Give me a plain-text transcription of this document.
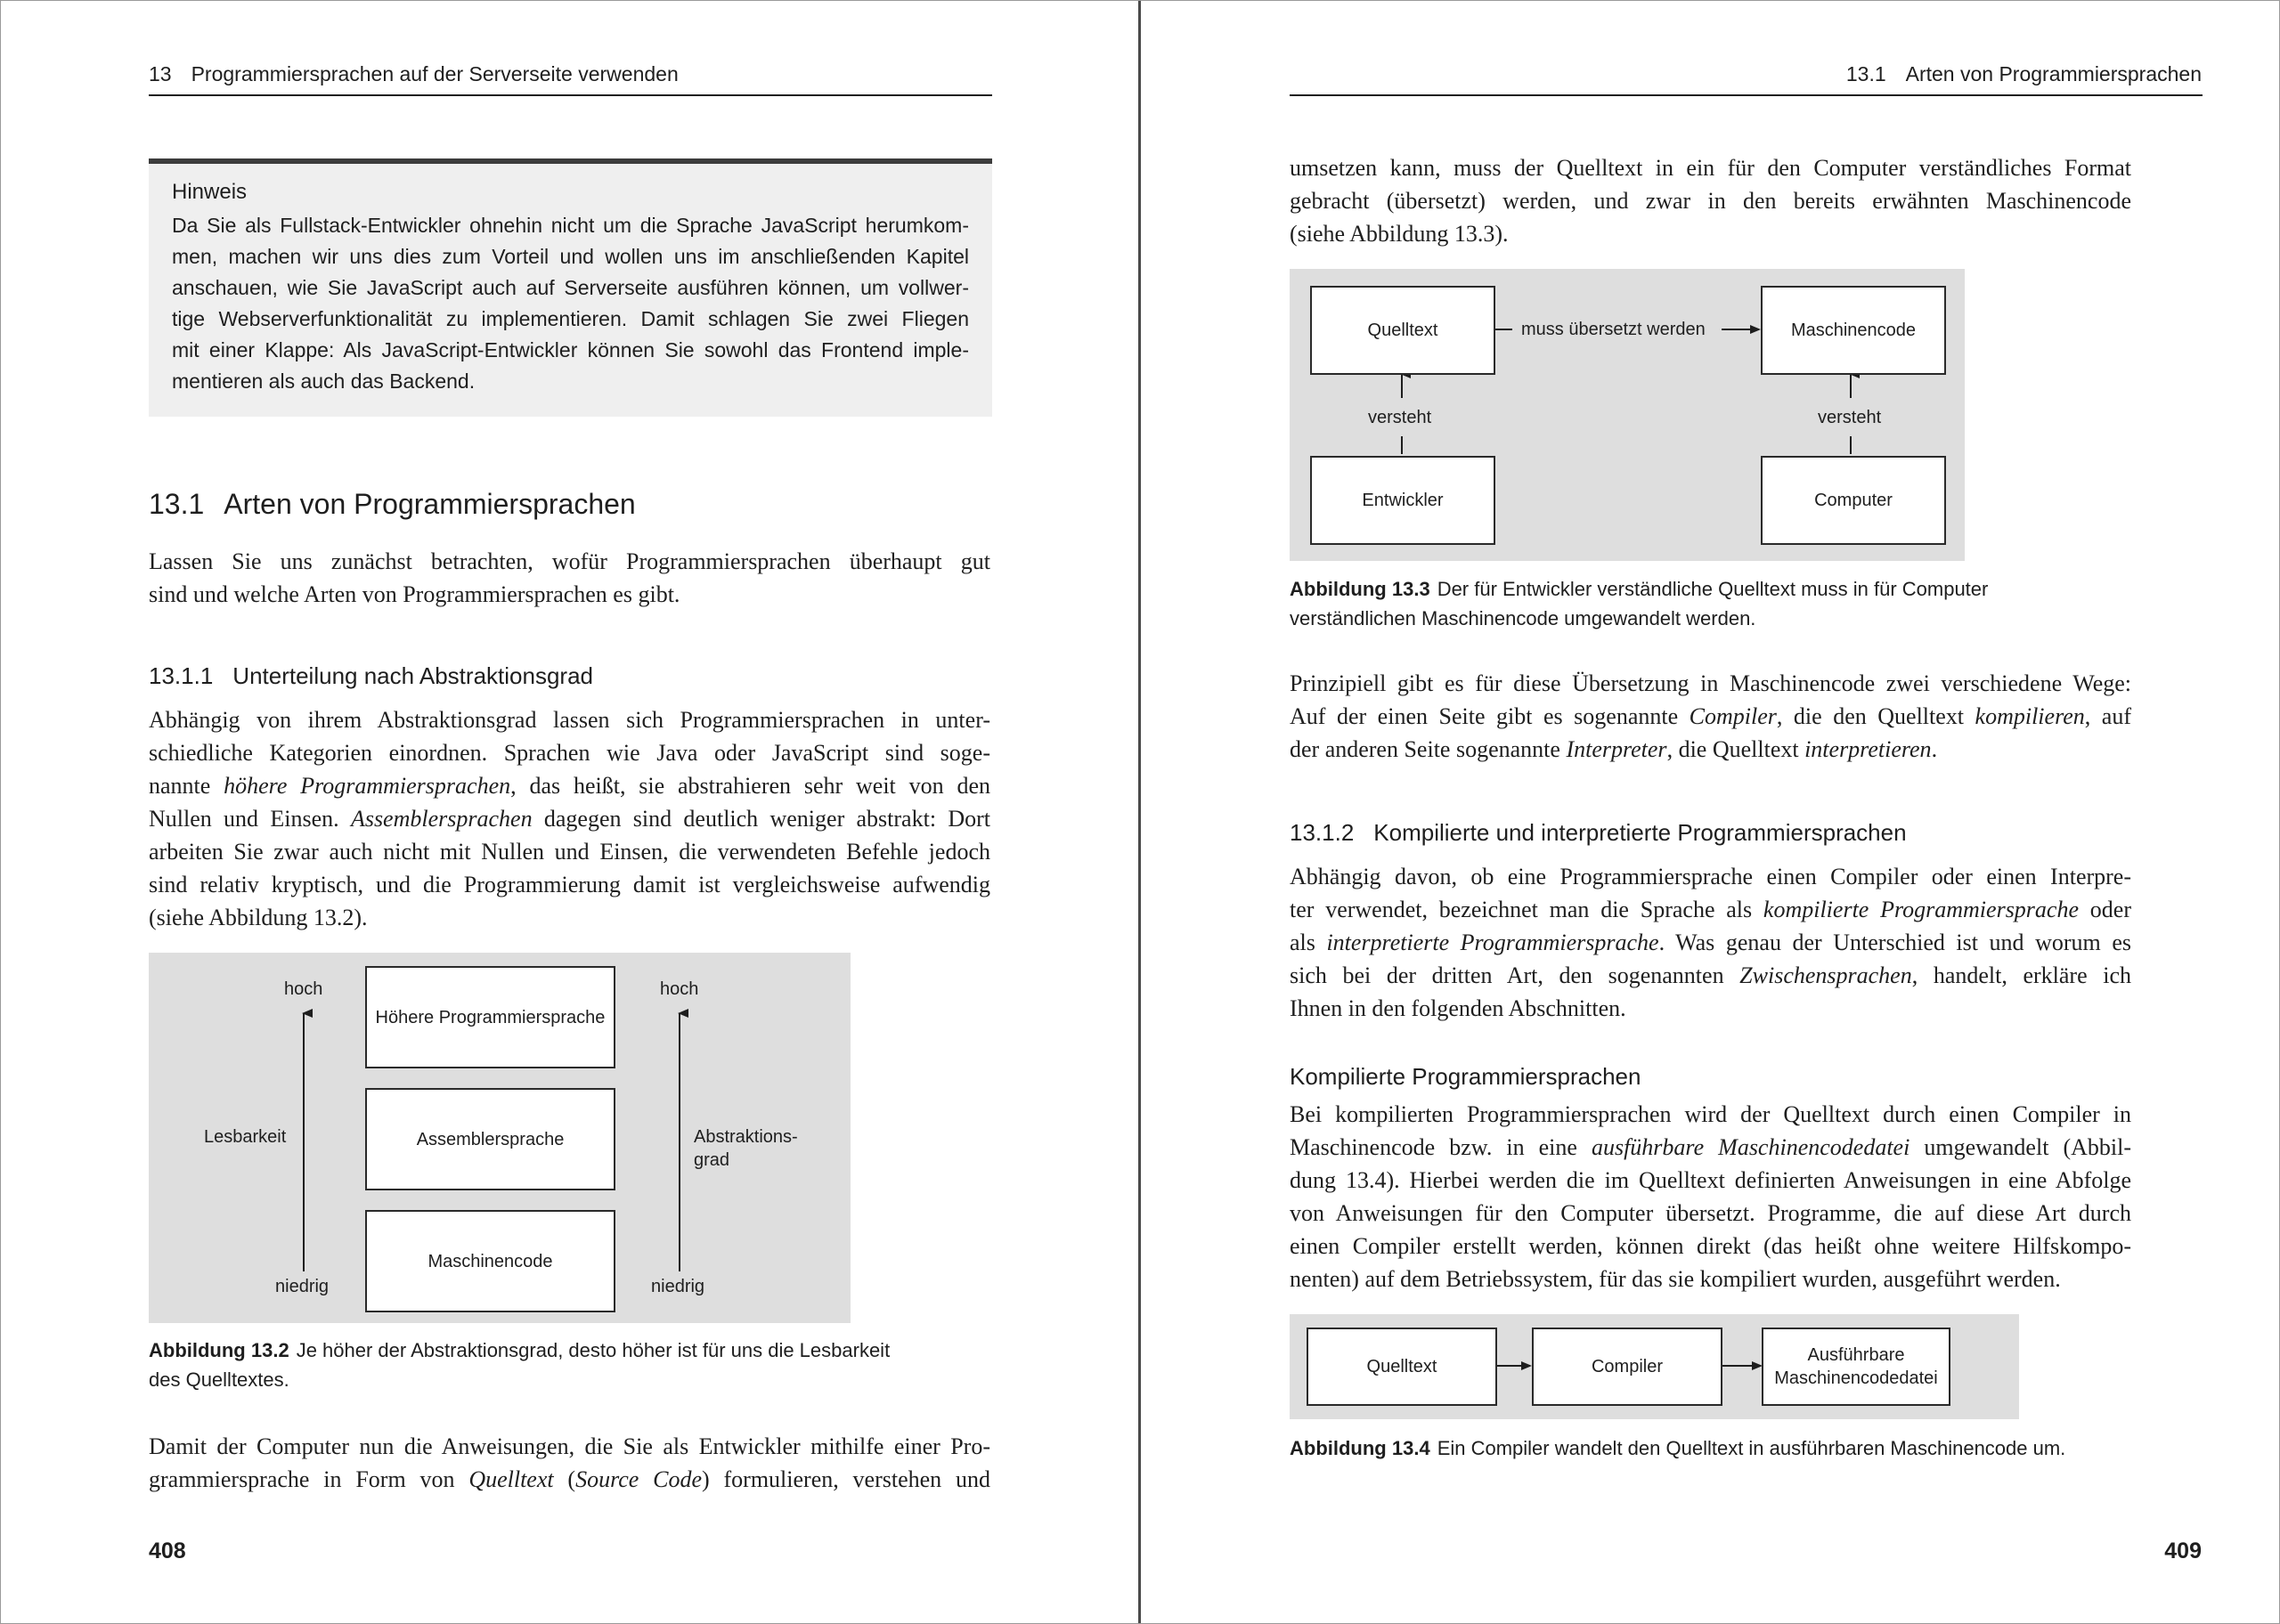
13 Programmiersprachen auf der Serverseite verwenden
Hinweis
Da Sie als Fullstack-Entwickler ohnehin nicht um die Sprache JavaScript herumkom-
men, machen wir uns dies zum Vorteil und wollen uns im anschließenden Kapitel
anschauen, wie Sie JavaScript auch auf Serverseite ausführen können, um vollwer-
tige Webserverfunktionalität zu implementieren. Damit schlagen Sie zwei Fliegen
mit einer Klappe: Als JavaScript-Entwickler können Sie sowohl das Frontend imple-
mentieren als auch das Backend.
13.1 Arten von Programmiersprachen
Lassen Sie uns zunächst betrachten, wofür Programmiersprachen überhaupt gut
sind und welche Arten von Programmiersprachen es gibt.
13.1.1 Unterteilung nach Abstraktionsgrad
Abhängig von ihrem Abstraktionsgrad lassen sich Programmiersprachen in unter-
schiedliche Kategorien einordnen. Sprachen wie Java oder JavaScript sind soge-
nannte höhere Programmiersprachen, das heißt, sie abstrahieren sehr weit von den
Nullen und Einsen. Assemblersprachen dagegen sind deutlich weniger abstrakt: Dort
arbeiten Sie zwar auch nicht mit Nullen und Einsen, die verwendeten Befehle jedoch
sind relativ kryptisch, und die Programmierung damit ist vergleichsweise aufwendig
(siehe Abbildung 13.2).
hoch
Lesbarkeit
niedrig
Höhere Programmiersprache
Assemblersprache
Maschinencode
hoch
Abstraktions-
grad
niedrig
Abbildung 13.2 Je höher der Abstraktionsgrad, desto höher ist für uns die Lesbarkeit
des Quelltextes.
Damit der Computer nun die Anweisungen, die Sie als Entwickler mithilfe einer Pro-
grammiersprache in Form von Quelltext (Source Code) formulieren, verstehen und
408
13.1 Arten von Programmiersprachen
umsetzen kann, muss der Quelltext in ein für den Computer verständliches Format
gebracht (übersetzt) werden, und zwar in den bereits erwähnten Maschinencode
(siehe Abbildung 13.3).
Quelltext	muss übersetzt werden	Maschinencode
versteht	versteht
Entwickler	Computer
Abbildung 13.3 Der für Entwickler verständliche Quelltext muss in für Computer
verständlichen Maschinencode umgewandelt werden.
Prinzipiell gibt es für diese Übersetzung in Maschinencode zwei verschiedene Wege:
Auf der einen Seite gibt es sogenannte Compiler, die den Quelltext kompilieren, auf
der anderen Seite sogenannte Interpreter, die Quelltext interpretieren.
13.1.2 Kompilierte und interpretierte Programmiersprachen
Abhängig davon, ob eine Programmiersprache einen Compiler oder einen Interpre-
ter verwendet, bezeichnet man die Sprache als kompilierte Programmiersprache oder
als interpretierte Programmiersprache. Was genau der Unterschied ist und worum es
sich bei der dritten Art, den sogenannten Zwischensprachen, handelt, erkläre ich
Ihnen in den folgenden Abschnitten.
Kompilierte Programmiersprachen
Bei kompilierten Programmiersprachen wird der Quelltext durch einen Compiler in
Maschinencode bzw. in eine ausführbare Maschinencodedatei umgewandelt (Abbil-
dung 13.4). Hierbei werden die im Quelltext definierten Anweisungen in eine Abfolge
von Anweisungen für den Computer übersetzt. Programme, die auf diese Art durch
einen Compiler erstellt werden, können direkt (das heißt ohne weitere Hilfskompo-
nenten) auf dem Betriebssystem, für das sie kompiliert wurden, ausgeführt werden.
Quelltext	Compiler
Ausführbare
Maschinencodedatei
Abbildung 13.4 Ein Compiler wandelt den Quelltext in ausführbaren Maschinencode um.
409
